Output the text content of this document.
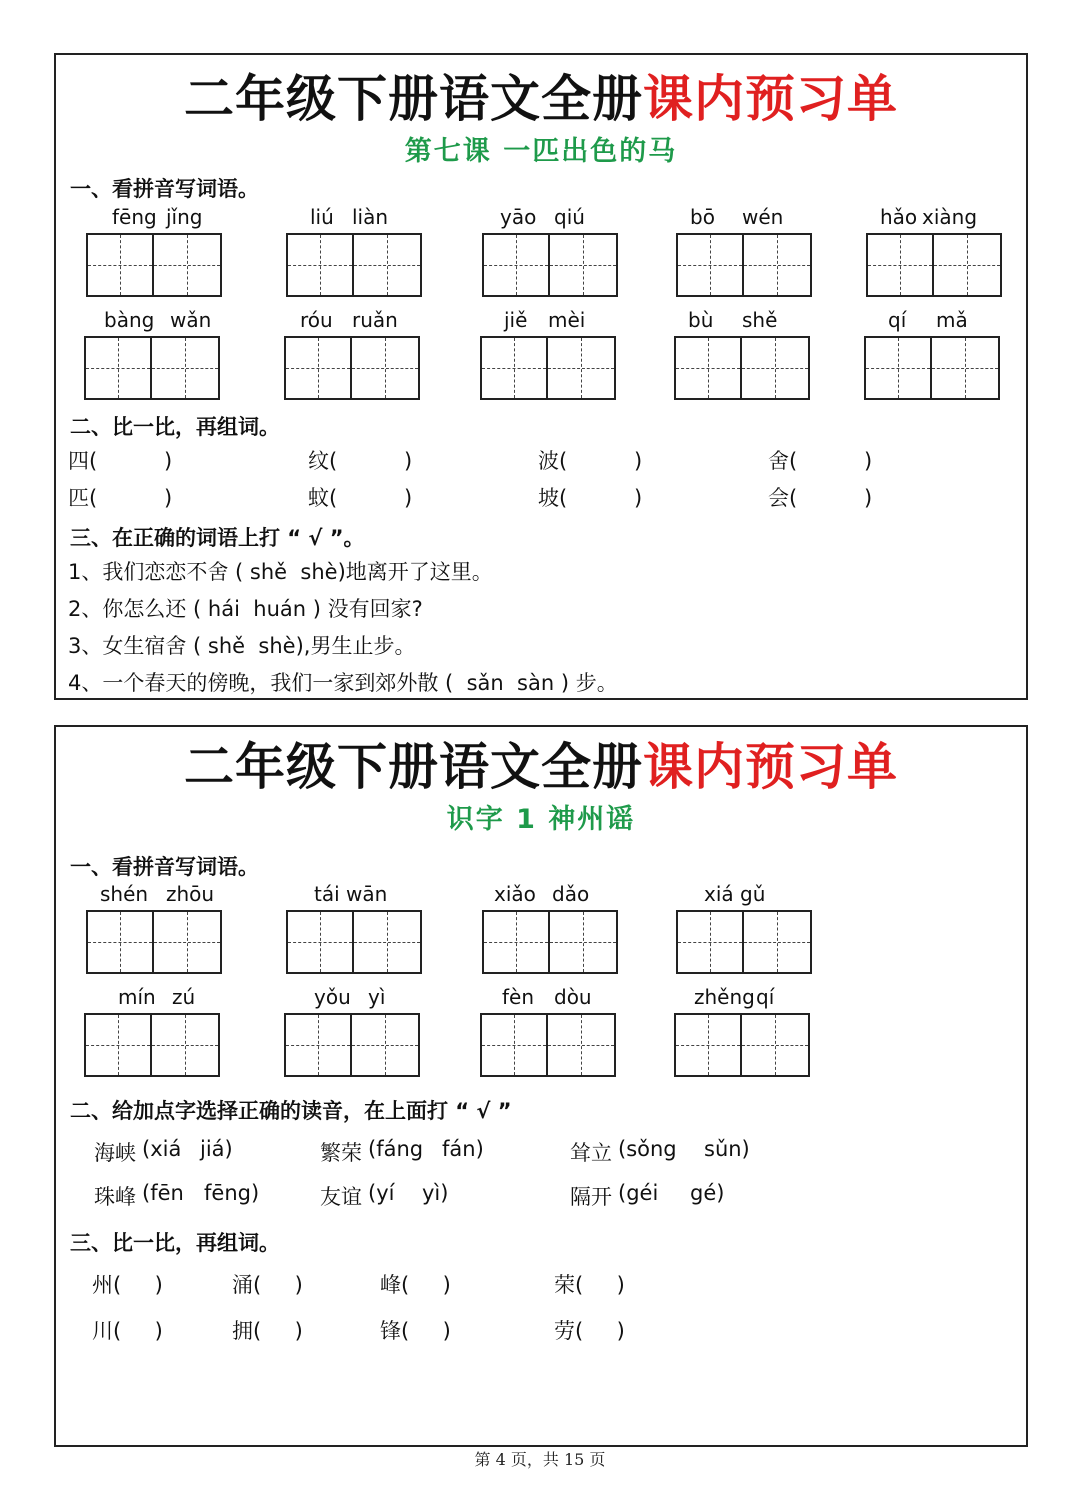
二年级下册语文全册课内预习单
第七课 一匹出色的马
一、看拼音写词语。
fēng jǐng	liú liàn	yāo qiú	bō wén	hǎo xiàng
bàng wǎn	róu ruǎn	jiě mèi	bù shě	qí mǎ
二、比一比，再组词。
四(          )	纹(          )	波(          )	舍(          )
匹(          )	蚊(          )	坡(          )	会(          )
三、在正确的词语上打 “ √ ”。
1、我们恋恋不舍 ( shě  shè)地离开了这里。
2、你怎么还 ( hái  huán ) 没有回家?
3、女生宿舍 ( shě  shè),男生止步。
4、一个春天的傍晚，我们一家到郊外散 (  sǎn  sàn ) 步。
二年级下册语文全册课内预习单
识字 1 神州谣
一、看拼音写词语。
shén zhōu	tái wān	xiǎo dǎo	xiá gǔ
mín zú	yǒu yì	fèn dòu	zhěng qí
二、给加点字选择正确的读音，在上面打 “ √ ”
海峡 (xiá jiá)	繁荣 (fáng fán)	耸立 (sǒng sǔn)
珠峰 (fēn fēng)	友谊 (yí yì)	隔开 (géi gé)
三、比一比，再组词。
州(     )	涌(     )	峰(     )	荣(     )
川(     )	拥(     )	锋(     )	劳(     )
第 4 页，共 15 页
